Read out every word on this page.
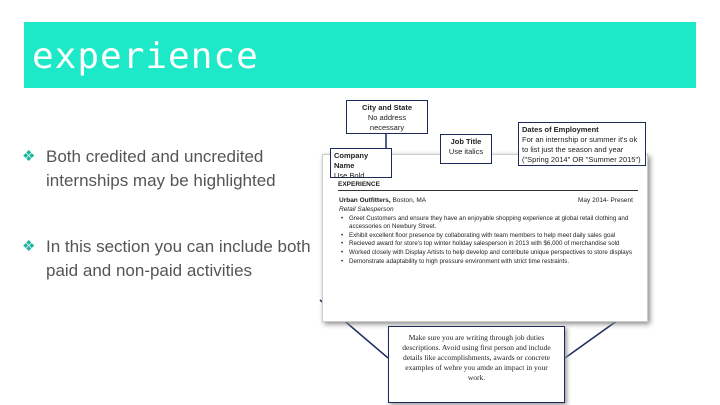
experience
❖ Both credited and uncredited internships may be highlighted
❖ In this section you can include both paid and non-paid activities
EXPERIENCE
Urban Outfitters, Boston, MA	May 2014- Present
Retail Salesperson
• Greet Customers and ensure they have an enjoyable shopping experience at global retail clothing and accessories on Newbury Street.
• Exhibit excellent floor presence by collaborating with team members to help meet daily sales goal
• Recieved award for store's top winter holiday salesperson in 2013 with $6,000 of merchandise sold
• Worked closely with Display Artists to help develop and contribute unique perspectives to store displays
• Demonstrate adaptability to high pressure environment with strict time restraints.
City and State
No address necessary
Job Title
Use italics
Dates of Employment
For an internship or summer it's ok to list just the season and year ("Spring 2014" OR "Summer 2015")
Company Name
Use Bold
Make sure you are writing through job duties descriptions. Avoid using first person and include details like accomplishments, awards or concrete examples of wehre you amde an impact in your work.
